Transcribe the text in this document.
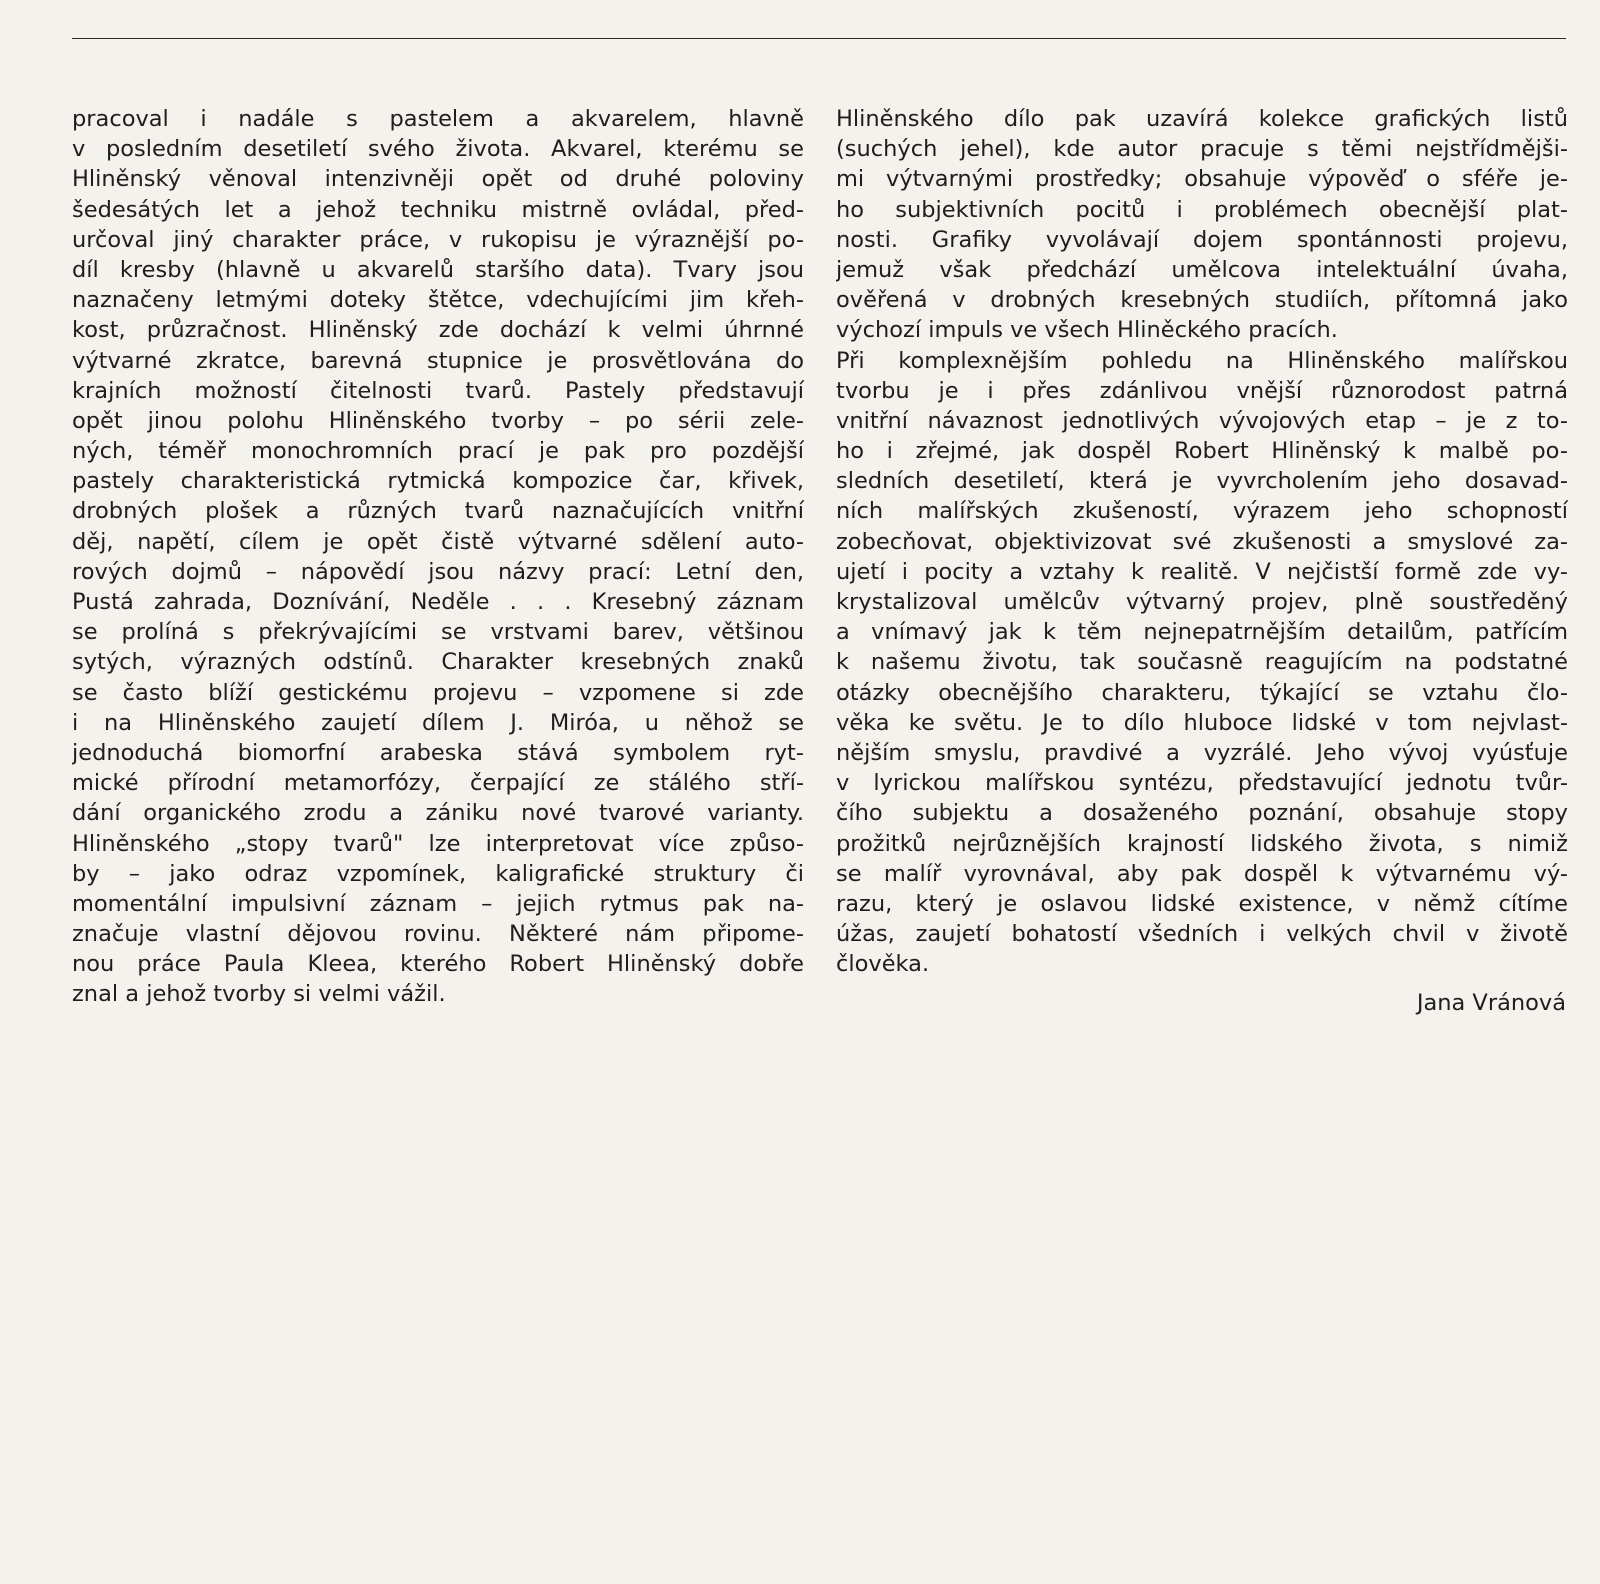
pracoval i nadále s pastelem a akvarelem, hlavně
v posledním desetiletí svého života. Akvarel, kterému se
Hliněnský věnoval intenzivněji opět od druhé poloviny
šedesátých let a jehož techniku mistrně ovládal, před-
určoval jiný charakter práce, v rukopisu je výraznější po-
díl kresby (hlavně u akvarelů staršího data). Tvary jsou
naznačeny letmými doteky štětce, vdechujícími jim křeh-
kost, průzračnost. Hliněnský zde dochází k velmi úhrnné
výtvarné zkratce, barevná stupnice je prosvětlována do
krajních možností čitelnosti tvarů. Pastely představují
opět jinou polohu Hliněnského tvorby – po sérii zele-
ných, téměř monochromních prací je pak pro pozdější
pastely charakteristická rytmická kompozice čar, křivek,
drobných plošek a různých tvarů naznačujících vnitřní
děj, napětí, cílem je opět čistě výtvarné sdělení auto-
rových dojmů – nápovědí jsou názvy prací: Letní den,
Pustá zahrada, Doznívání, Neděle . . . Kresebný záznam
se prolíná s překrývajícími se vrstvami barev, většinou
sytých, výrazných odstínů. Charakter kresebných znaků
se často blíží gestickému projevu – vzpomene si zde
i na Hliněnského zaujetí dílem J. Miróa, u něhož se
jednoduchá biomorfní arabeska stává symbolem ryt-
mické přírodní metamorfózy, čerpající ze stálého stří-
dání organického zrodu a zániku nové tvarové varianty.
Hliněnského „stopy tvarů" lze interpretovat více způso-
by – jako odraz vzpomínek, kaligrafické struktury či
momentální impulsivní záznam – jejich rytmus pak na-
značuje vlastní dějovou rovinu. Některé nám připome-
nou práce Paula Kleea, kterého Robert Hliněnský dobře
znal a jehož tvorby si velmi vážil.
Hliněnského dílo pak uzavírá kolekce grafických listů
(suchých jehel), kde autor pracuje s těmi nejstřídmějši-
mi výtvarnými prostředky; obsahuje výpověď o sféře je-
ho subjektivních pocitů i problémech obecnější plat-
nosti. Grafiky vyvolávají dojem spontánnosti projevu,
jemuž však předchází umělcova intelektuální úvaha,
ověřená v drobných kresebných studiích, přítomná jako
výchozí impuls ve všech Hliněckého pracích.
Při komplexnějším pohledu na Hliněnského malířskou
tvorbu je i přes zdánlivou vnější různorodost patrná
vnitřní návaznost jednotlivých vývojových etap – je z to-
ho i zřejmé, jak dospěl Robert Hliněnský k malbě po-
sledních desetiletí, která je vyvrcholením jeho dosavad-
ních malířských zkušeností, výrazem jeho schopností
zobecňovat, objektivizovat své zkušenosti a smyslové za-
ujetí i pocity a vztahy k realitě. V nejčistší formě zde vy-
krystalizoval umělcův výtvarný projev, plně soustředěný
a vnímavý jak k těm nejnepatrnějším detailům, patřícím
k našemu životu, tak současně reagujícím na podstatné
otázky obecnějšího charakteru, týkající se vztahu člo-
věka ke světu. Je to dílo hluboce lidské v tom nejvlast-
nějším smyslu, pravdivé a vyzrálé. Jeho vývoj vyúsťuje
v lyrickou malířskou syntézu, představující jednotu tvůr-
čího subjektu a dosaženého poznání, obsahuje stopy
prožitků nejrůznějších krajností lidského života, s nimiž
se malíř vyrovnával, aby pak dospěl k výtvarnému vý-
razu, který je oslavou lidské existence, v němž cítíme
úžas, zaujetí bohatostí všedních i velkých chvil v životě
člověka.
Jana Vránová
